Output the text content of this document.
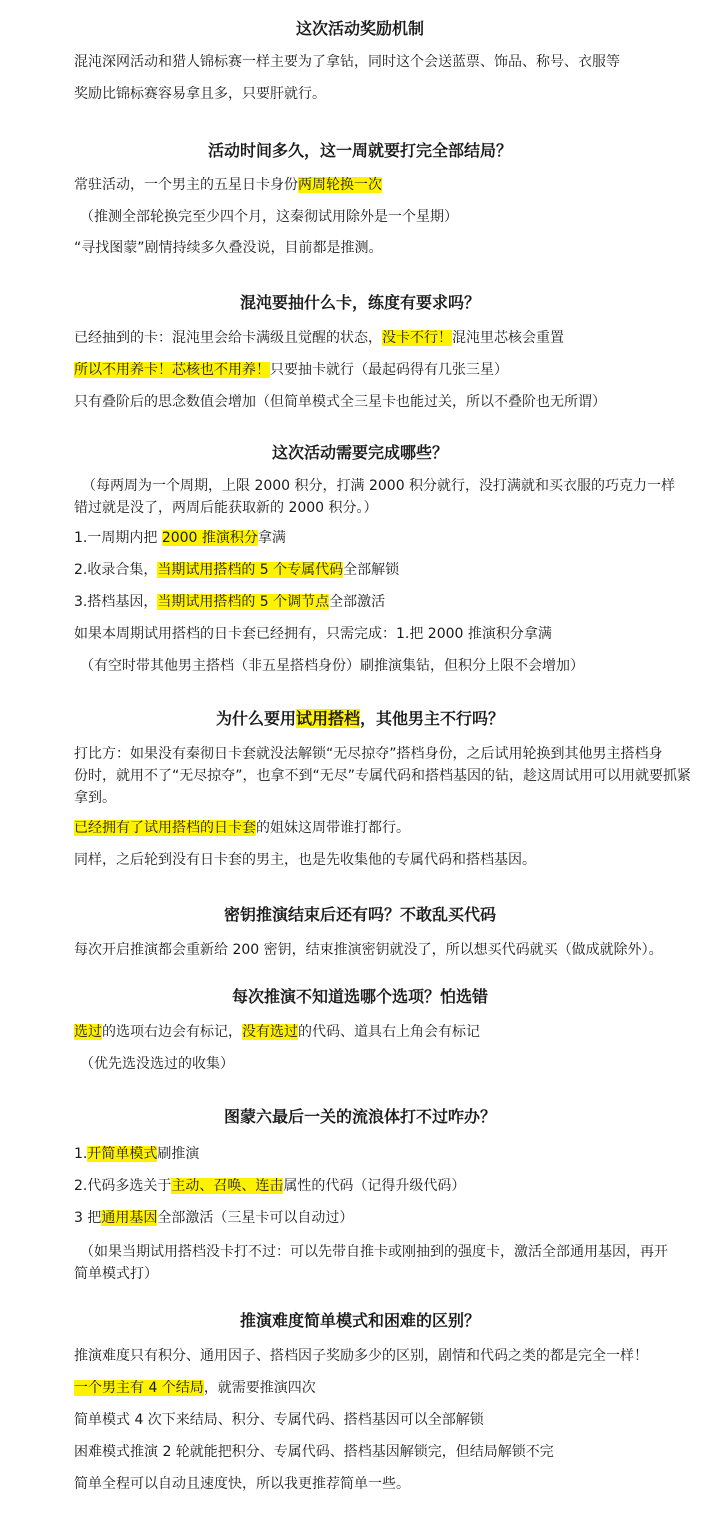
这次活动奖励机制
混沌深网活动和猎人锦标赛一样主要为了拿钻，同时这个会送蓝票、饰品、称号、衣服等
奖励比锦标赛容易拿且多，只要肝就行。
活动时间多久，这一周就要打完全部结局？
常驻活动，一个男主的五星日卡身份两周轮换一次
（推测全部轮换完至少四个月，这秦彻试用除外是一个星期）
“寻找图蒙”剧情持续多久叠没说，目前都是推测。
混沌要抽什么卡，练度有要求吗？
已经抽到的卡：混沌里会给卡满级且觉醒的状态，没卡不行！混沌里芯核会重置
所以不用养卡！芯核也不用养！只要抽卡就行（最起码得有几张三星）
只有叠阶后的思念数值会增加（但简单模式全三星卡也能过关，所以不叠阶也无所谓）
这次活动需要完成哪些？
（每两周为一个周期，上限 2000 积分，打满 2000 积分就行，没打满就和买衣服的巧克力一样
错过就是没了，两周后能获取新的 2000 积分。）
1.一周期内把 2000 推演积分拿满
2.收录合集，当期试用搭档的 5 个专属代码全部解锁
3.搭档基因，当期试用搭档的 5 个调节点全部激活
如果本周期试用搭档的日卡套已经拥有，只需完成：1.把 2000 推演积分拿满
（有空时带其他男主搭档（非五星搭档身份）刷推演集钻，但积分上限不会增加）
为什么要用试用搭档，其他男主不行吗？
打比方：如果没有秦彻日卡套就没法解锁“无尽掠夺”搭档身份，之后试用轮换到其他男主搭档身
份时，就用不了“无尽掠夺”，也拿不到“无尽”专属代码和搭档基因的钻，趁这周试用可以用就要抓紧
拿到。
已经拥有了试用搭档的日卡套的姐妹这周带谁打都行。
同样，之后轮到没有日卡套的男主，也是先收集他的专属代码和搭档基因。
密钥推演结束后还有吗？不敢乱买代码
每次开启推演都会重新给 200 密钥，结束推演密钥就没了，所以想买代码就买（做成就除外）。
每次推演不知道选哪个选项？怕选错
选过的选项右边会有标记，没有选过的代码、道具右上角会有标记
（优先选没选过的收集）
图蒙六最后一关的流浪体打不过咋办？
1.开简单模式刷推演
2.代码多选关于主动、召唤、连击属性的代码（记得升级代码）
3 把通用基因全部激活（三星卡可以自动过）
（如果当期试用搭档没卡打不过：可以先带自推卡或刚抽到的强度卡，激活全部通用基因，再开
简单模式打）
推演难度简单模式和困难的区别？
推演难度只有积分、通用因子、搭档因子奖励多少的区别，剧情和代码之类的都是完全一样！
一个男主有 4 个结局，就需要推演四次
简单模式 4 次下来结局、积分、专属代码、搭档基因可以全部解锁
困难模式推演 2 轮就能把积分、专属代码、搭档基因解锁完，但结局解锁不完
简单全程可以自动且速度快，所以我更推荐简单一些。
